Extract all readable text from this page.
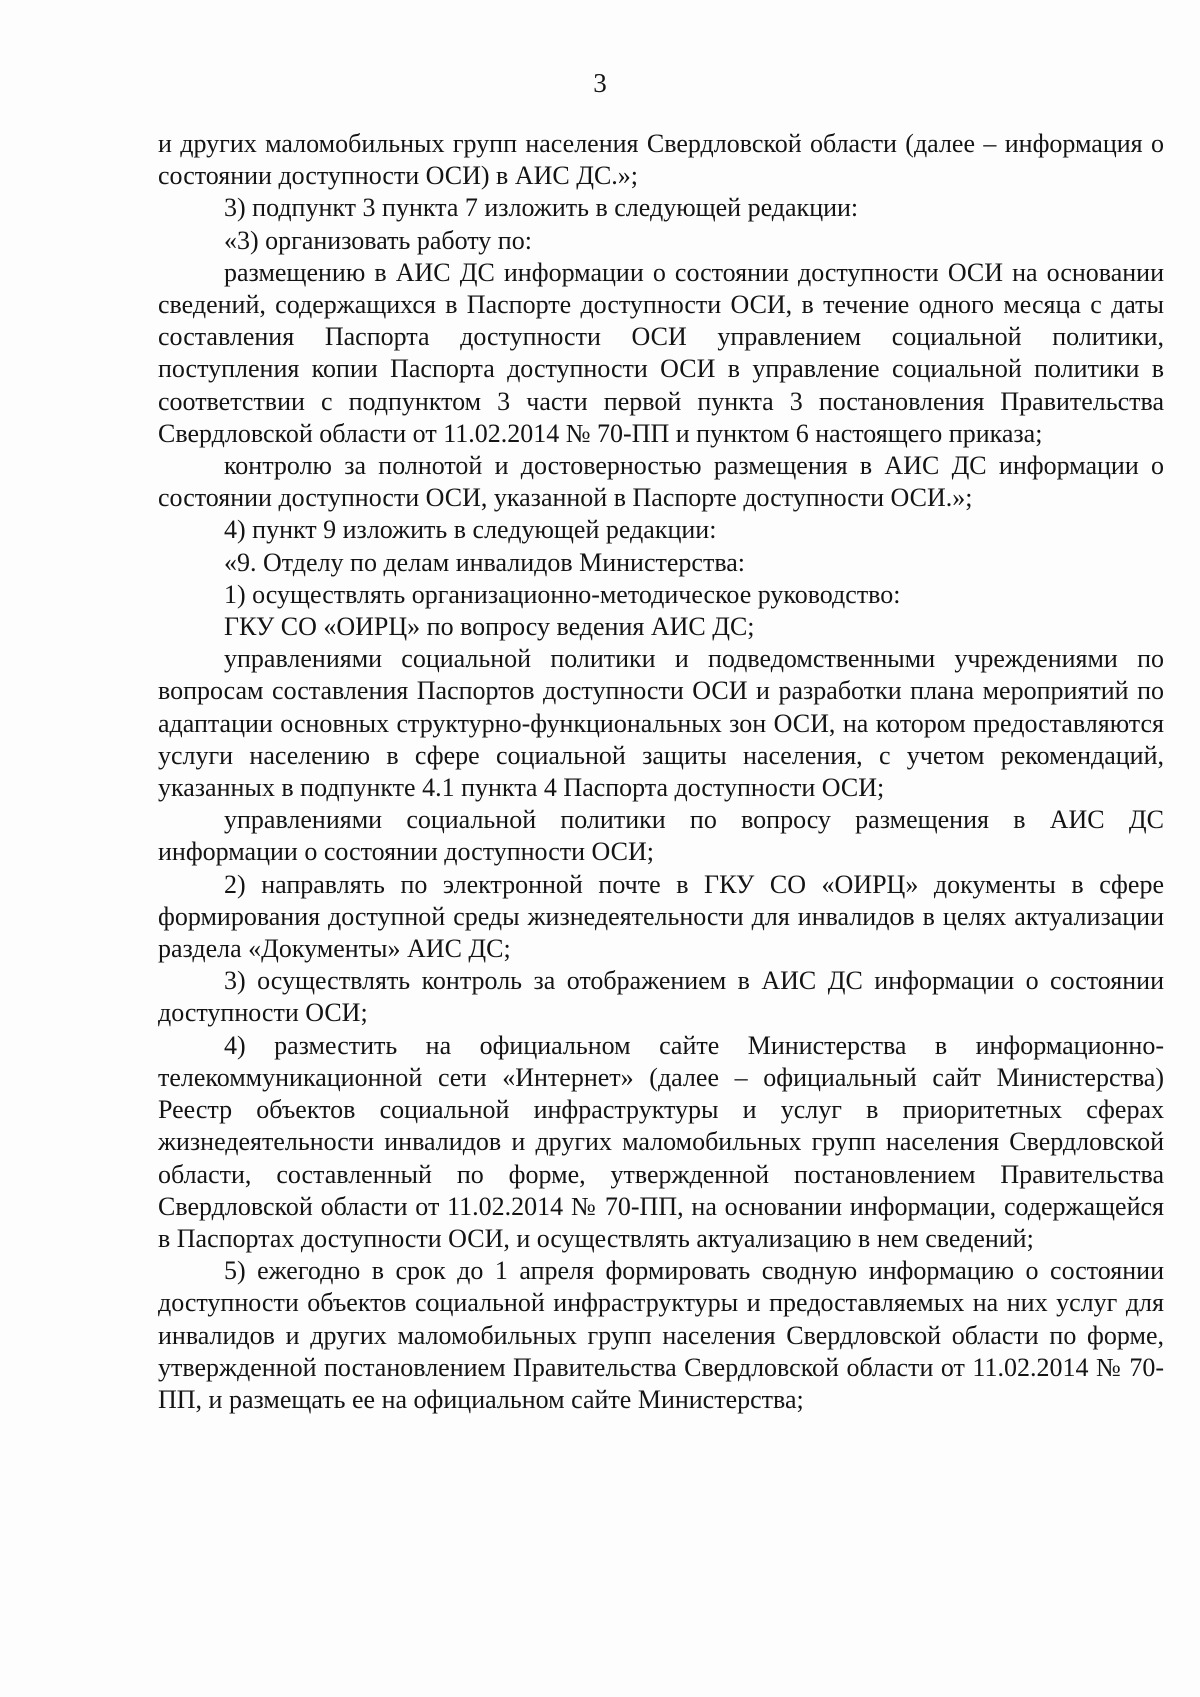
3

и других маломобильных групп населения Свердловской области (далее – информация о состоянии доступности ОСИ) в АИС ДС.»;

3) подпункт 3 пункта 7 изложить в следующей редакции:

«3) организовать работу по:

размещению в АИС ДС информации о состоянии доступности ОСИ на основании сведений, содержащихся в Паспорте доступности ОСИ, в течение одного месяца с даты составления Паспорта доступности ОСИ управлением социальной политики, поступления копии Паспорта доступности ОСИ в управление социальной политики в соответствии с подпунктом 3 части первой пункта 3 постановления Правительства Свердловской области от 11.02.2014 № 70-ПП и пунктом 6 настоящего приказа;

контролю за полнотой и достоверностью размещения в АИС ДС информации о состоянии доступности ОСИ, указанной в Паспорте доступности ОСИ.»;

4) пункт 9 изложить в следующей редакции:

«9. Отделу по делам инвалидов Министерства:

1) осуществлять организационно-методическое руководство:

ГКУ СО «ОИРЦ» по вопросу ведения АИС ДС;

управлениями социальной политики и подведомственными учреждениями по вопросам составления Паспортов доступности ОСИ и разработки плана мероприятий по адаптации основных структурно-функциональных зон ОСИ, на котором предоставляются услуги населению в сфере социальной защиты населения, с учетом рекомендаций, указанных в подпункте 4.1 пункта 4 Паспорта доступности ОСИ;

управлениями социальной политики по вопросу размещения в АИС ДС информации о состоянии доступности ОСИ;

2) направлять по электронной почте в ГКУ СО «ОИРЦ» документы в сфере формирования доступной среды жизнедеятельности для инвалидов в целях актуализации раздела «Документы» АИС ДС;

3) осуществлять контроль за отображением в АИС ДС информации о состоянии доступности ОСИ;

4) разместить на официальном сайте Министерства в информационно-телекоммуникационной сети «Интернет» (далее – официальный сайт Министерства) Реестр объектов социальной инфраструктуры и услуг в приоритетных сферах жизнедеятельности инвалидов и других маломобильных групп населения Свердловской области, составленный по форме, утвержденной постановлением Правительства Свердловской области от 11.02.2014 № 70-ПП, на основании информации, содержащейся в Паспортах доступности ОСИ, и осуществлять актуализацию в нем сведений;

5) ежегодно в срок до 1 апреля формировать сводную информацию о состоянии доступности объектов социальной инфраструктуры и предоставляемых на них услуг для инвалидов и других маломобильных групп населения Свердловской области по форме, утвержденной постановлением Правительства Свердловской области от 11.02.2014 № 70-ПП, и размещать ее на официальном сайте Министерства;
